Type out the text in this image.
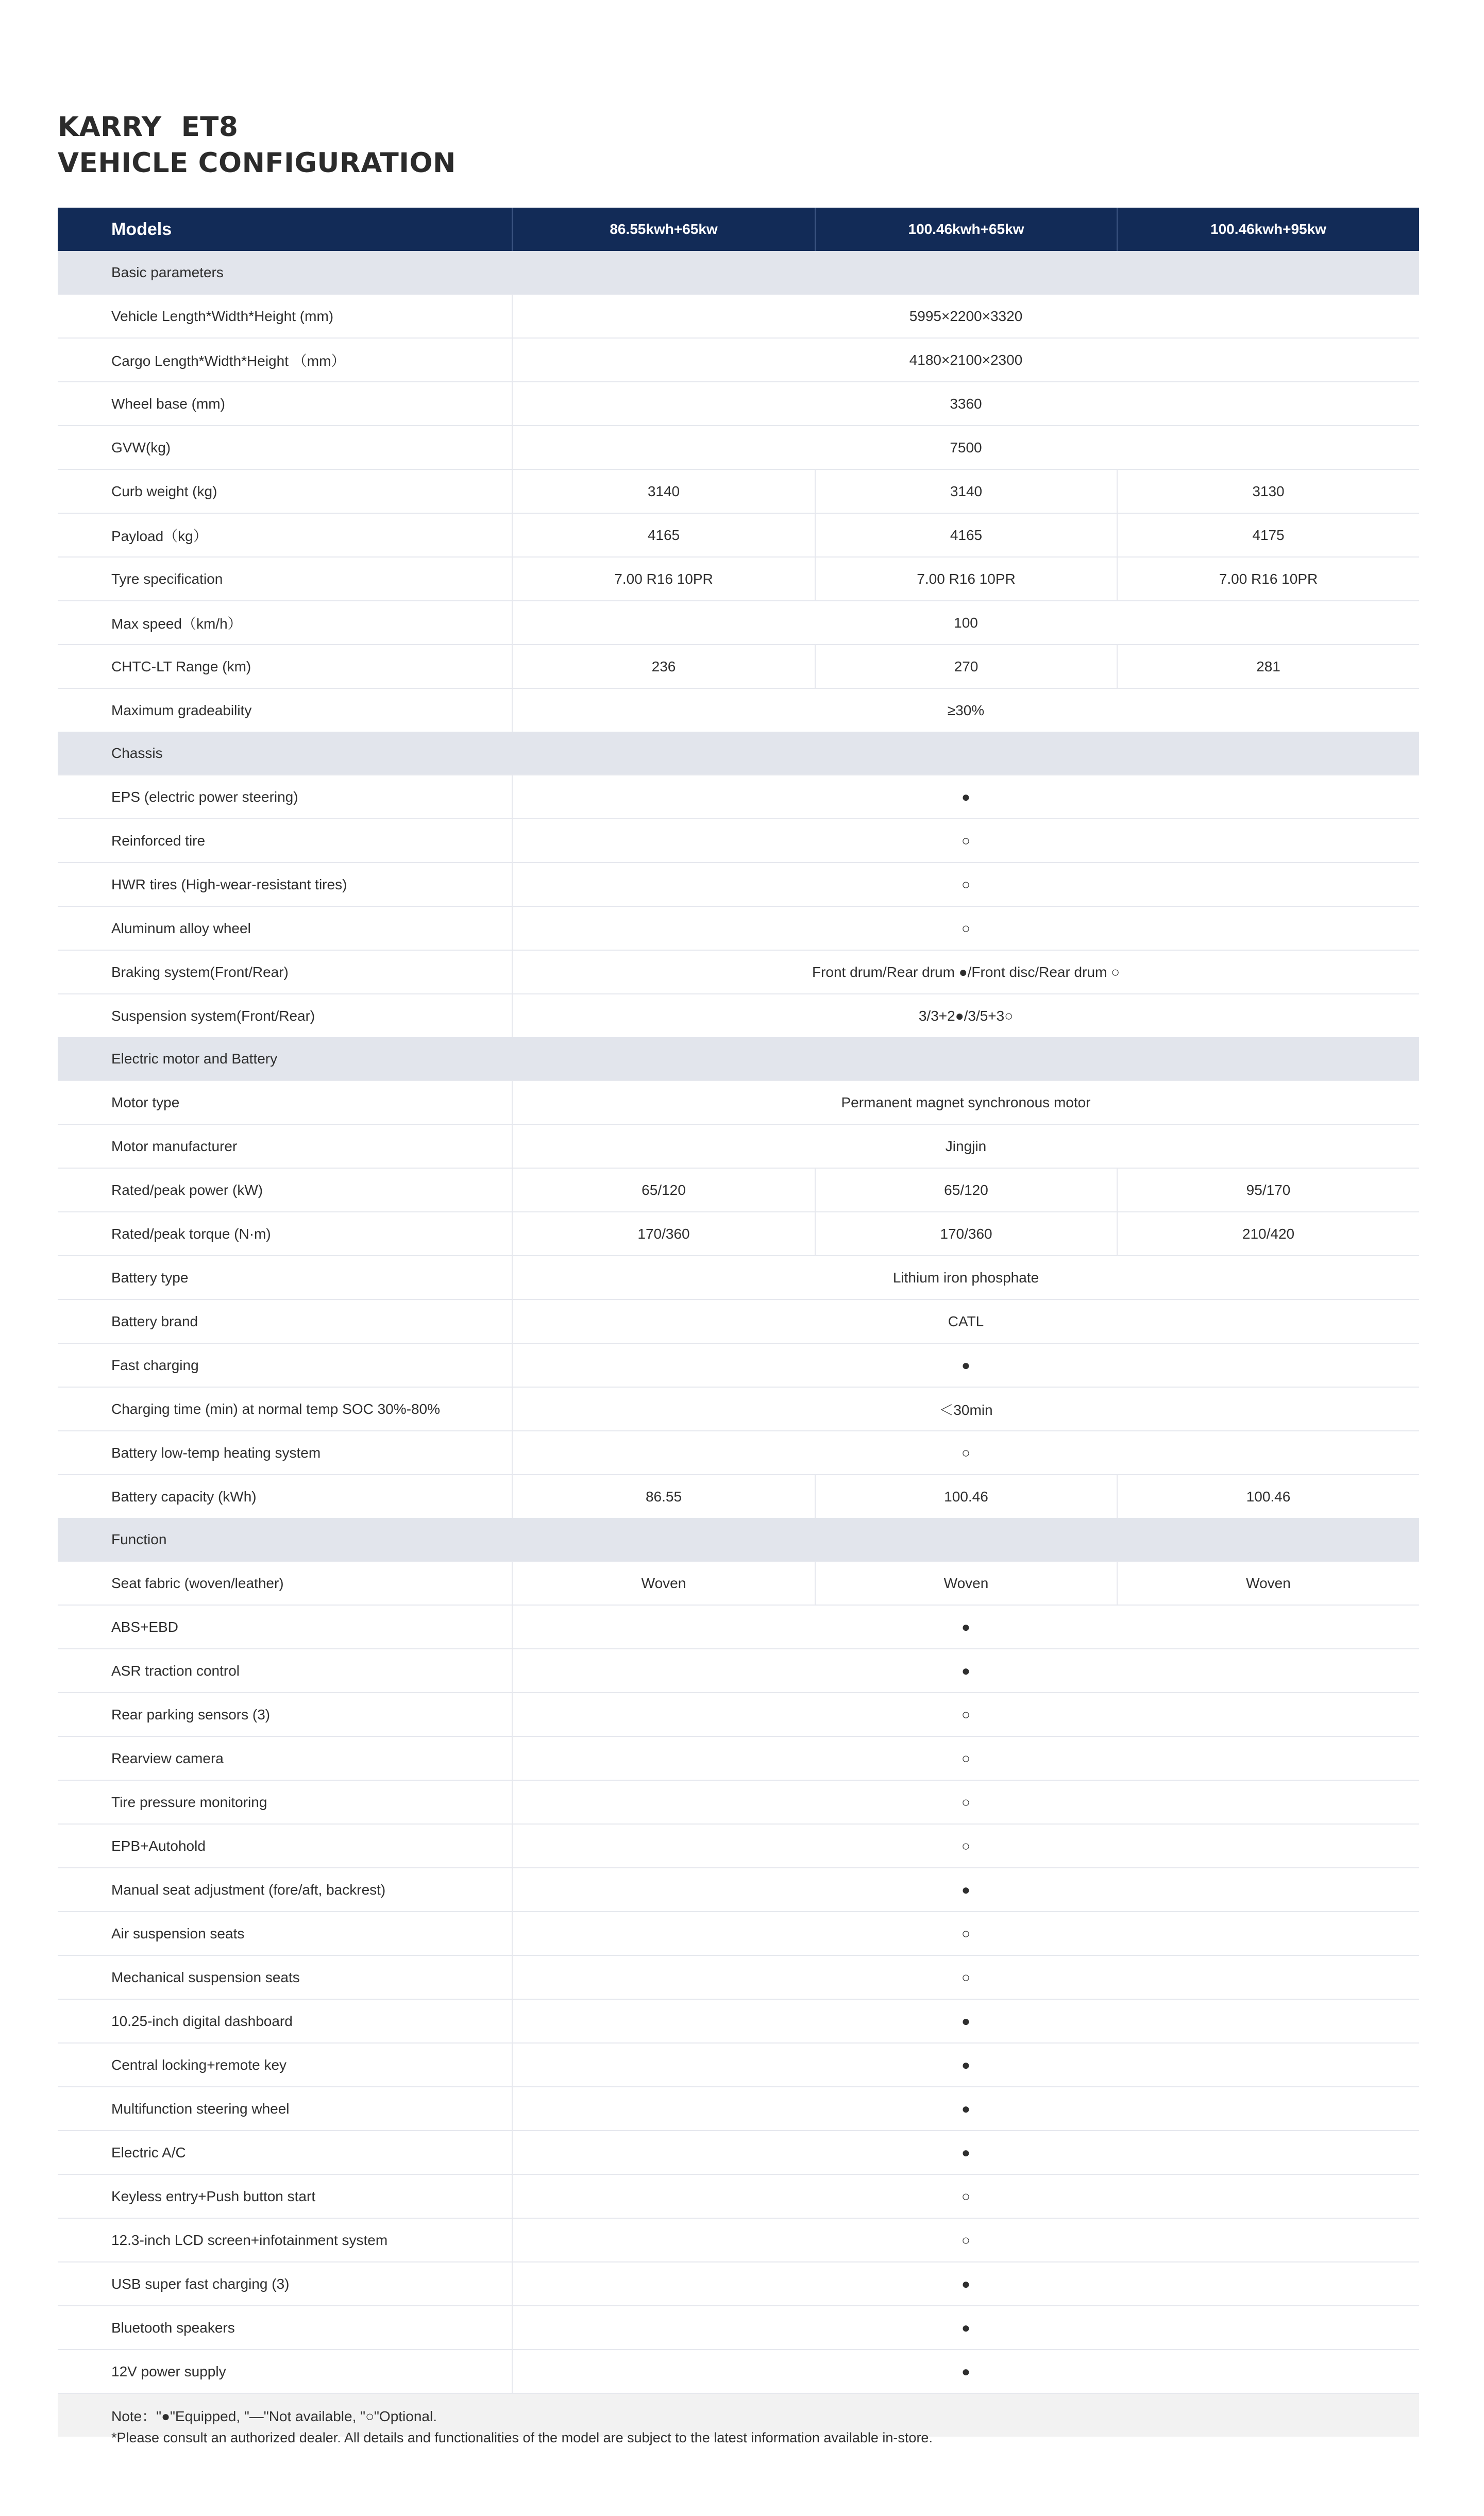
KARRY  ET8
VEHICLE CONFIGURATION
Models	86.55kwh+65kw	100.46kwh+65kw	100.46kwh+95kw
Basic parameters			
Vehicle Length*Width*Height (mm)	5995×2200×3320		
Cargo Length*Width*Height （mm）	4180×2100×2300		
Wheel base (mm)	3360		
GVW(kg)	7500		
Curb weight (kg)	3140	3140	3130
Payload（kg）	4165	4165	4175
Tyre specification	7.00 R16 10PR	7.00 R16 10PR	7.00 R16 10PR
Max speed（km/h）	100		
CHTC-LT Range (km)	236	270	281
Maximum gradeability	≥30%		
Chassis			
EPS (electric power steering)	●		
Reinforced tire	○		
HWR tires (High-wear-resistant tires)	○		
Aluminum alloy wheel	○		
Braking system(Front/Rear)	Front drum/Rear drum ●/Front disc/Rear drum ○		
Suspension system(Front/Rear)	3/3+2●/3/5+3○		
Electric motor and Battery			
Motor type	Permanent magnet synchronous motor		
Motor manufacturer	Jingjin		
Rated/peak power (kW)	65/120	65/120	95/170
Rated/peak torque (N·m)	170/360	170/360	210/420
Battery type	Lithium iron phosphate		
Battery brand	CATL		
Fast charging	●		
Charging time (min) at normal temp SOC 30%-80%	＜30min		
Battery low-temp heating system	○		
Battery capacity (kWh)	86.55	100.46	100.46
Function			
Seat fabric (woven/leather)	Woven	Woven	Woven
ABS+EBD	●		
ASR traction control	●		
Rear parking sensors (3)	○		
Rearview camera	○		
Tire pressure monitoring	○		
EPB+Autohold	○		
Manual seat adjustment (fore/aft, backrest)	●		
Air suspension seats	○		
Mechanical suspension seats	○		
10.25-inch digital dashboard	●		
Central locking+remote key	●		
Multifunction steering wheel	●		
Electric A/C	●		
Keyless entry+Push button start	○		
12.3-inch LCD screen+infotainment system	○		
USB super fast charging (3)	●		
Bluetooth speakers	●		
12V power supply	●		
Note："●"Equipped, "—"Not available, "○"Optional.			
*Please consult an authorized dealer. All details and functionalities of the model are subject to the latest information available in-store.
